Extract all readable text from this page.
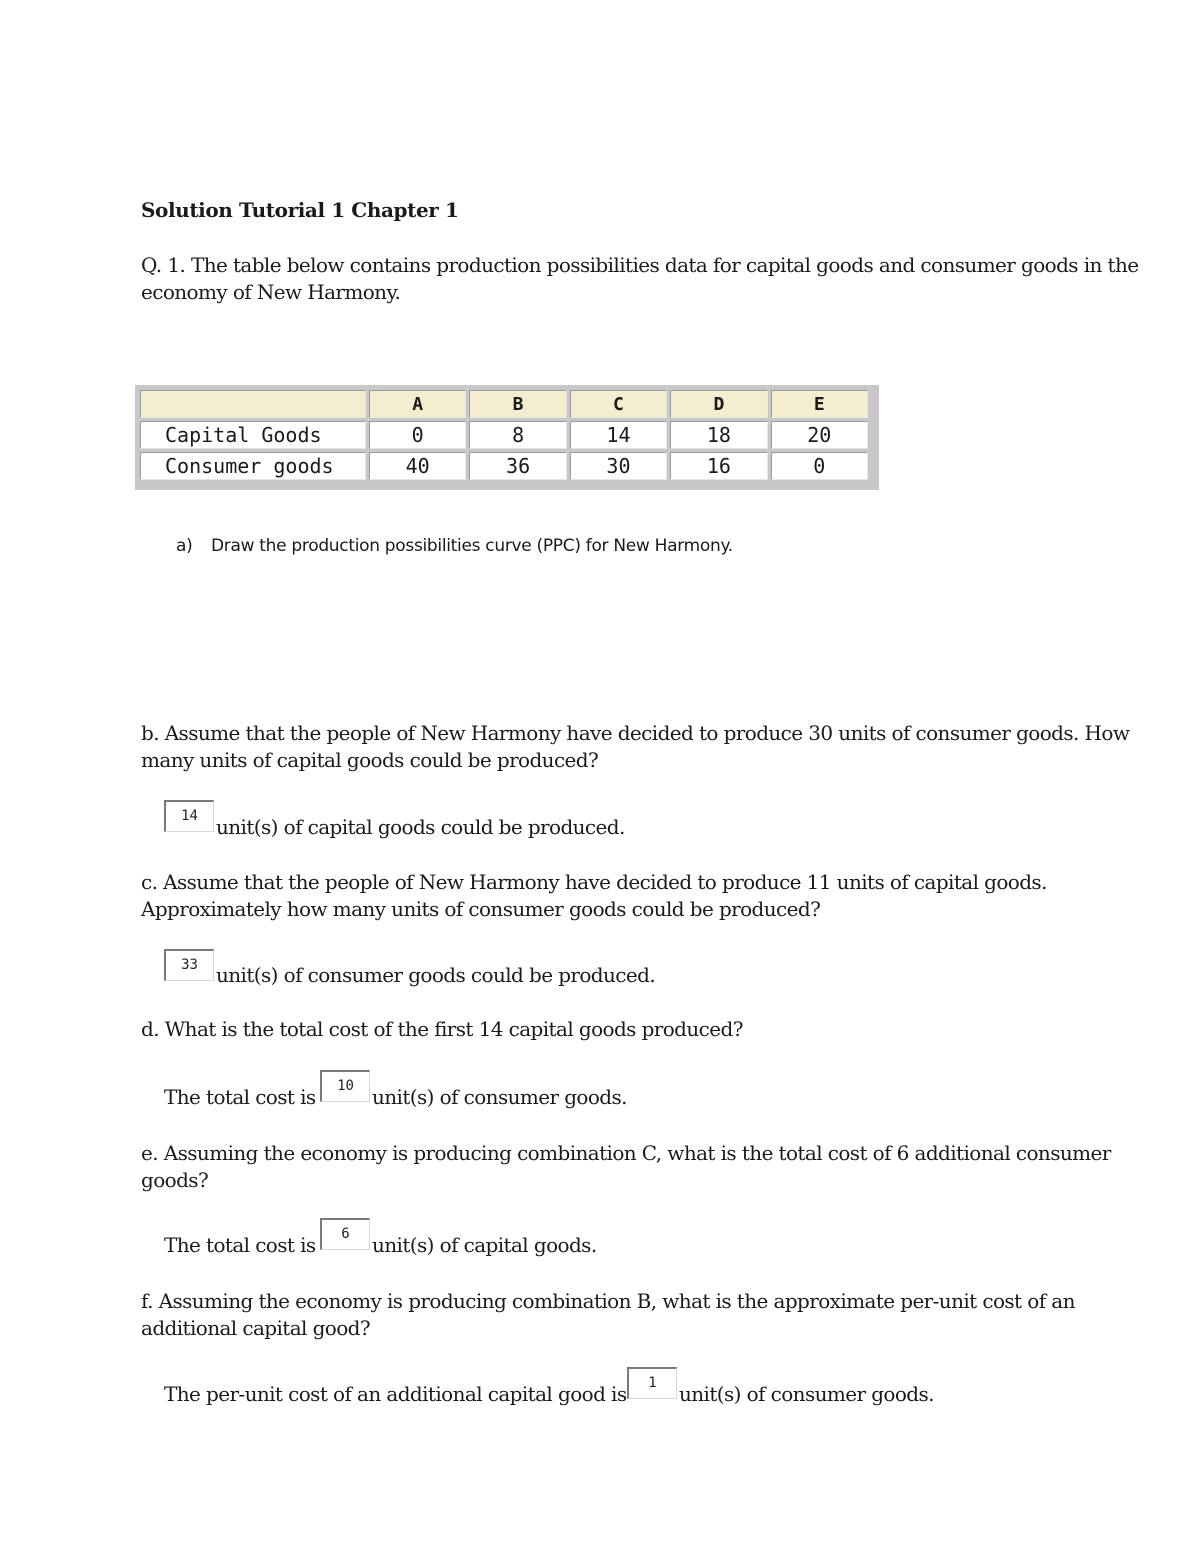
Solution Tutorial 1 Chapter 1
Q. 1. The table below contains production possibilities data for capital goods and consumer goods in the
economy of New Harmony.
	A	B	C	D	E
Capital Goods	0	8	14	18	20
Consumer goods	40	36	30	16	0
a) Draw the production possibilities curve (PPC) for New Harmony.
b. Assume that the people of New Harmony have decided to produce 30 units of consumer goods. How
many units of capital goods could be produced?
14 unit(s) of capital goods could be produced.
c. Assume that the people of New Harmony have decided to produce 11 units of capital goods.
Approximately how many units of consumer goods could be produced?
33 unit(s) of consumer goods could be produced.
d. What is the total cost of the first 14 capital goods produced?
The total cost is	10 unit(s) of consumer goods.
e. Assuming the economy is producing combination C, what is the total cost of 6 additional consumer
goods?
The total cost is	6	unit(s) of capital goods.
f. Assuming the economy is producing combination B, what is the approximate per-unit cost of an
additional capital good?
The per-unit cost of an additional capital good is	1	unit(s) of consumer goods.
